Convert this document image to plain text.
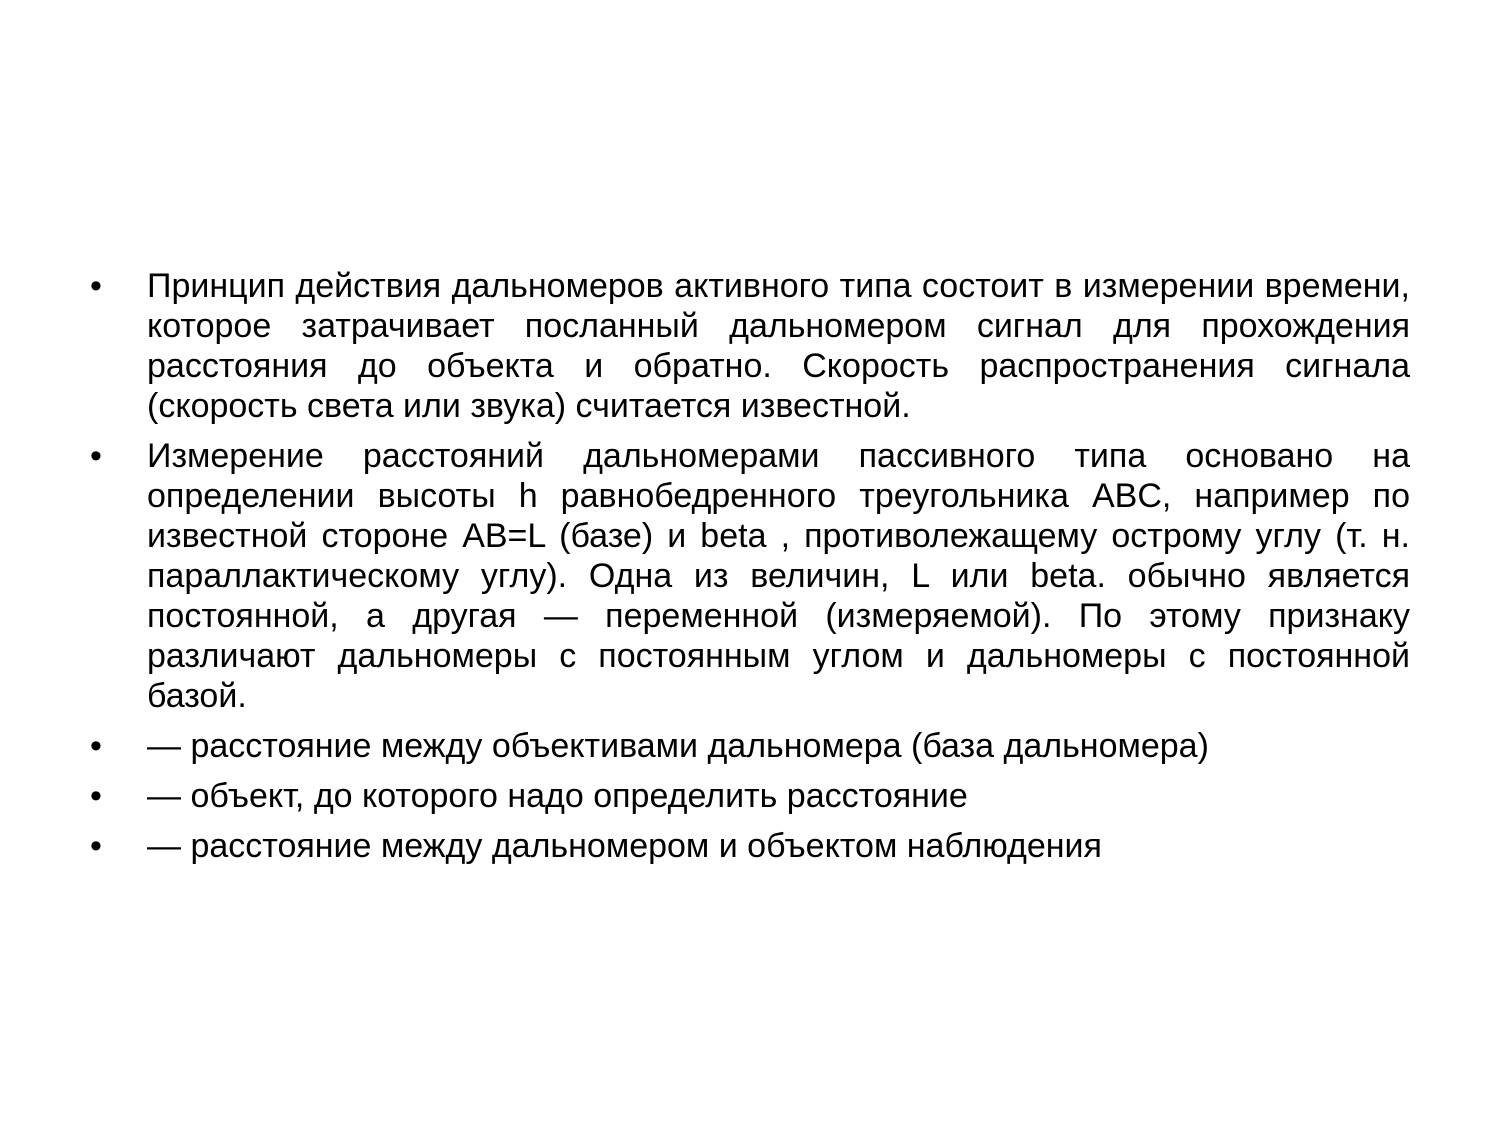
• Принцип действия дальномеров активного типа состоит в измерении времени, которое затрачивает посланный дальномером сигнал для прохождения расстояния до объекта и обратно. Скорость распространения сигнала (скорость света или звука) считается известной.
• Измерение расстояний дальномерами пассивного типа основано на определении высоты h равнобедренного треугольника ABC, например по известной стороне AB=L (базе) и beta , противолежащему острому углу (т. н. параллактическому углу). Одна из величин, L или beta. обычно является постоянной, а другая — переменной (измеряемой). По этому признаку различают дальномеры с постоянным углом и дальномеры с постоянной базой.
• — расстояние между объективами дальномера (база дальномера)
• — объект, до которого надо определить расстояние
• — расстояние между дальномером и объектом наблюдения
